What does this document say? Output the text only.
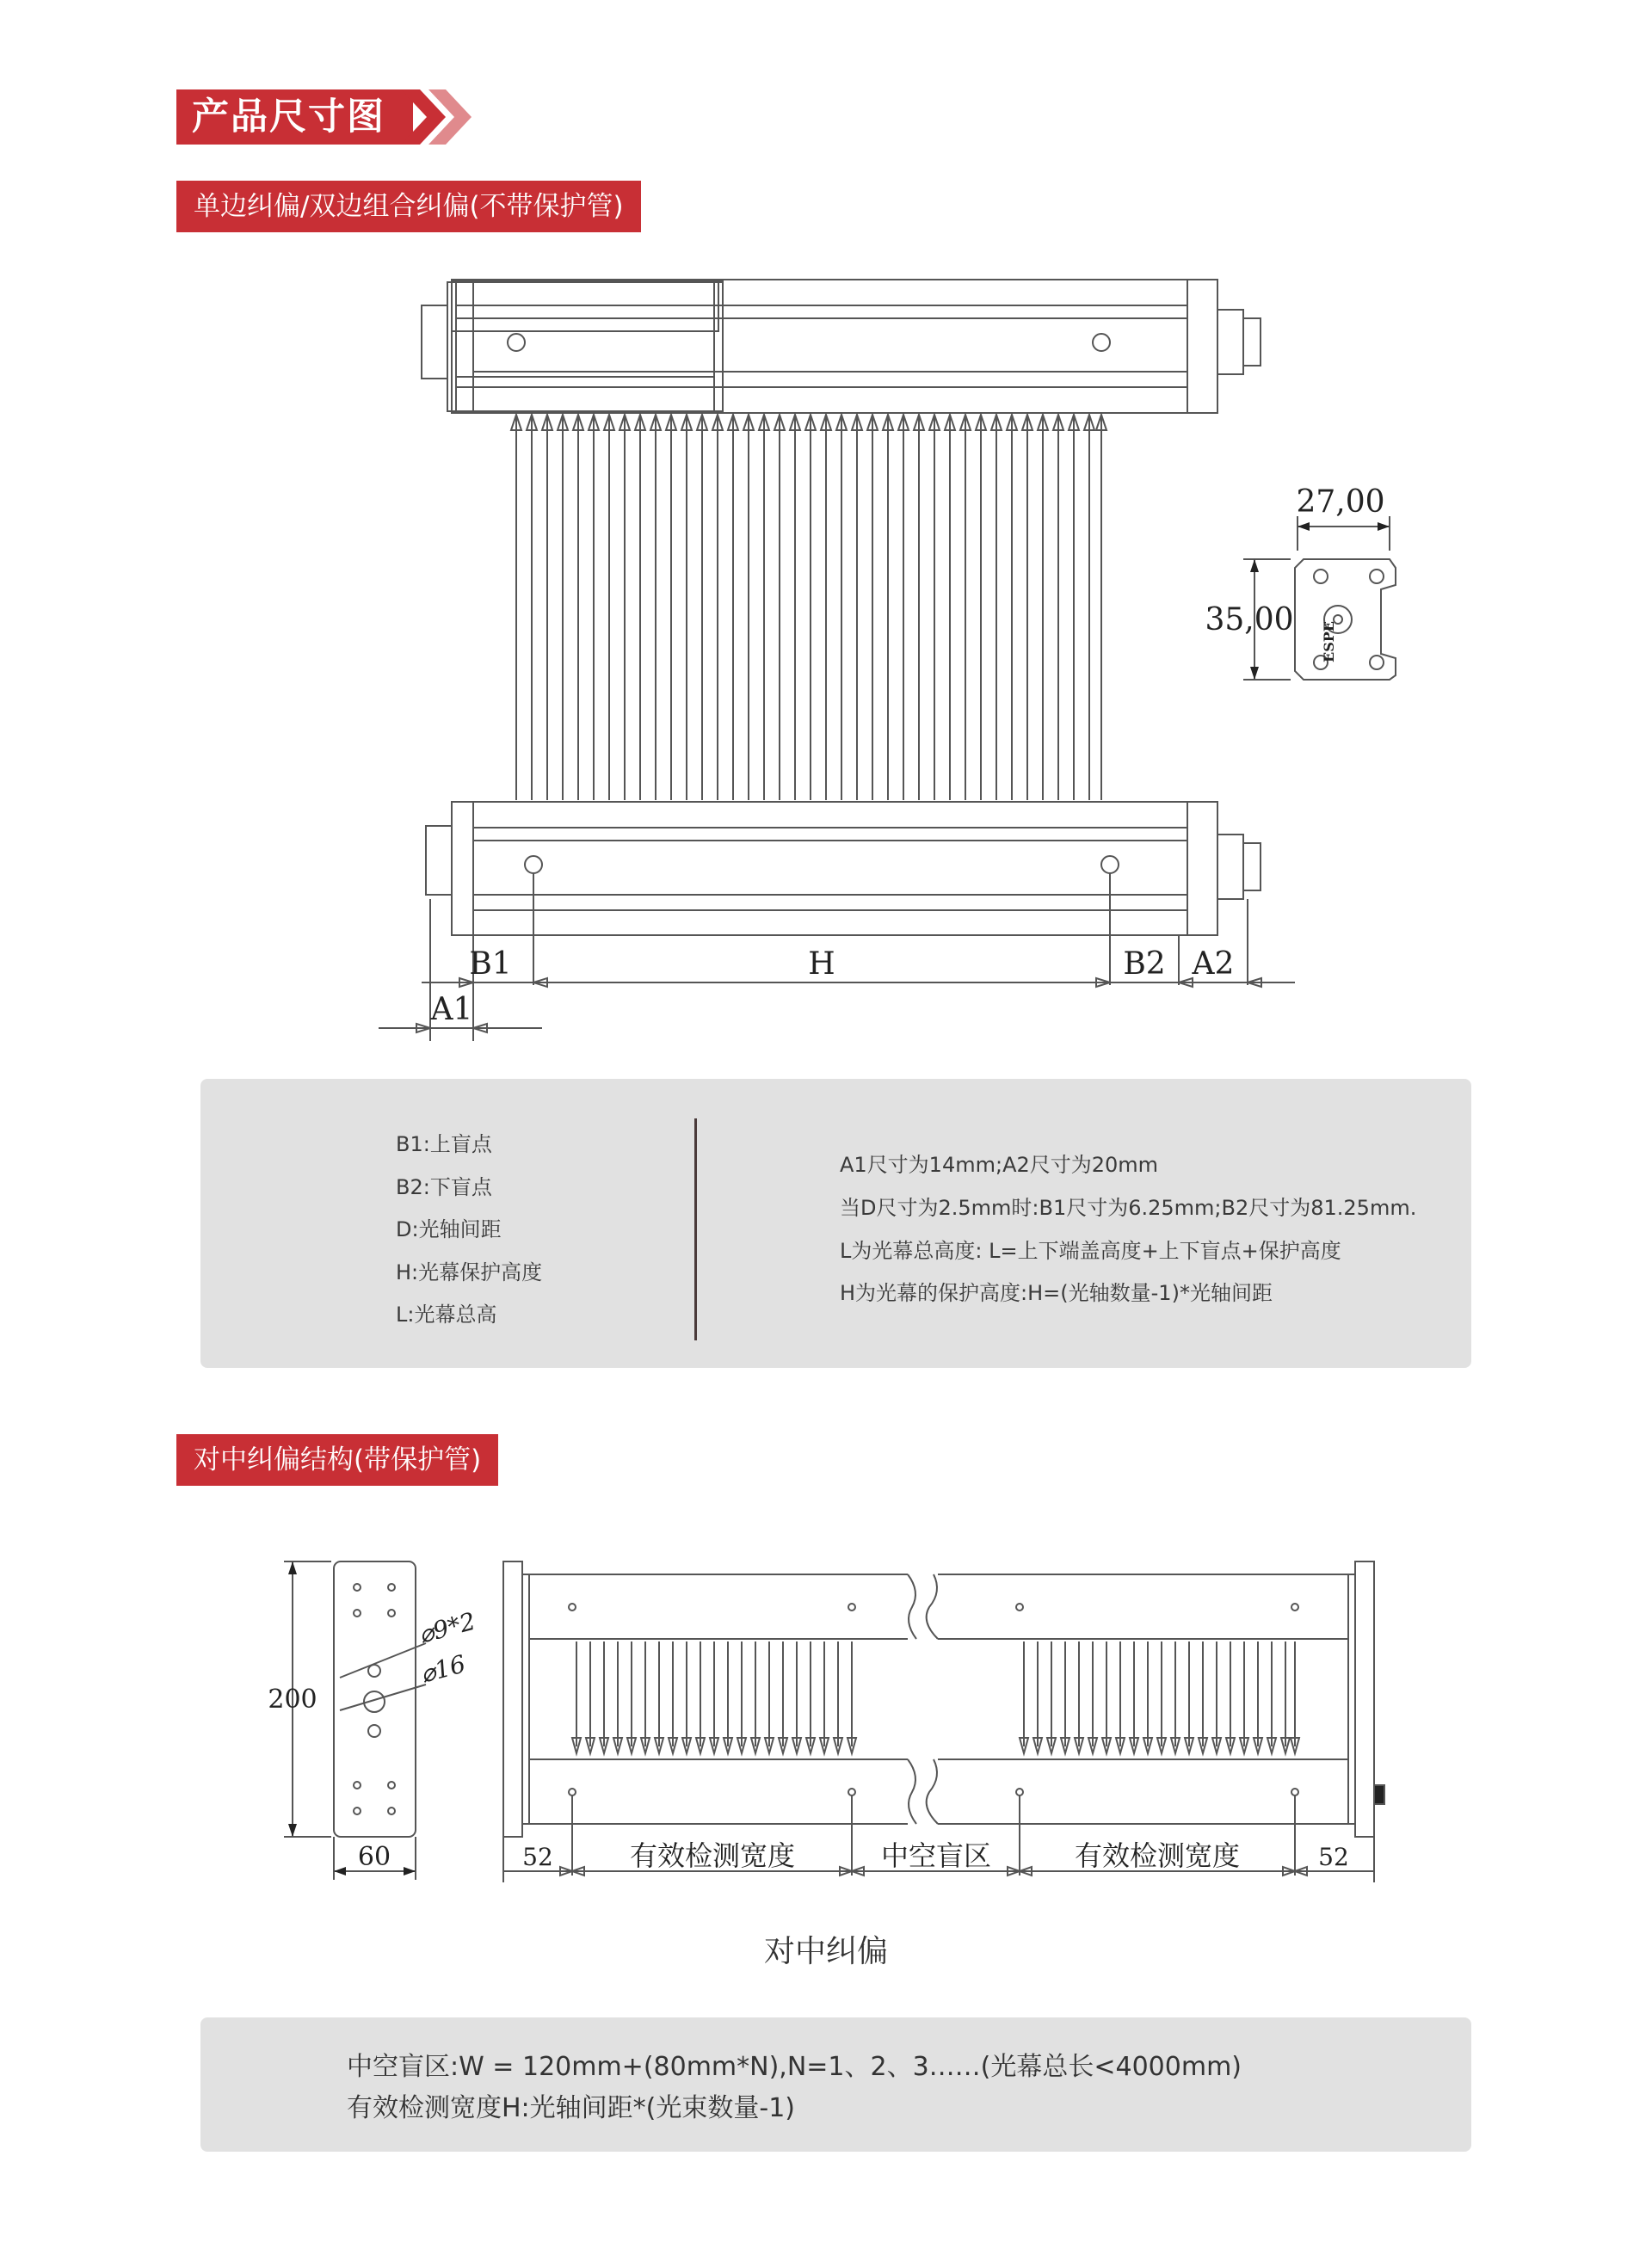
产品尺寸图
单边纠偏/双边组合纠偏(不带保护管)
B1	H	B2 A2
A1
27,00
35,00
ESPE
B1:上盲点
B2:下盲点
D:光轴间距
H:光幕保护高度
L:光幕总高
A1尺寸为14mm;A2尺寸为20mm
当D尺寸为2.5mm时:B1尺寸为6.25mm;B2尺寸为81.25mm.
L为光幕总高度: L=上下端盖高度+上下盲点+保护高度
H为光幕的保护高度:H=(光轴数量-1)*光轴间距
对中纠偏结构(带保护管)
200
⌀9*2
⌀16
60	52	有效检测宽度	中空盲区	有效检测宽度	52
对中纠偏
中空盲区:W = 120mm+(80mm*N),N=1、2、3……(光幕总长<4000mm)
有效检测宽度H:光轴间距*(光束数量-1)
